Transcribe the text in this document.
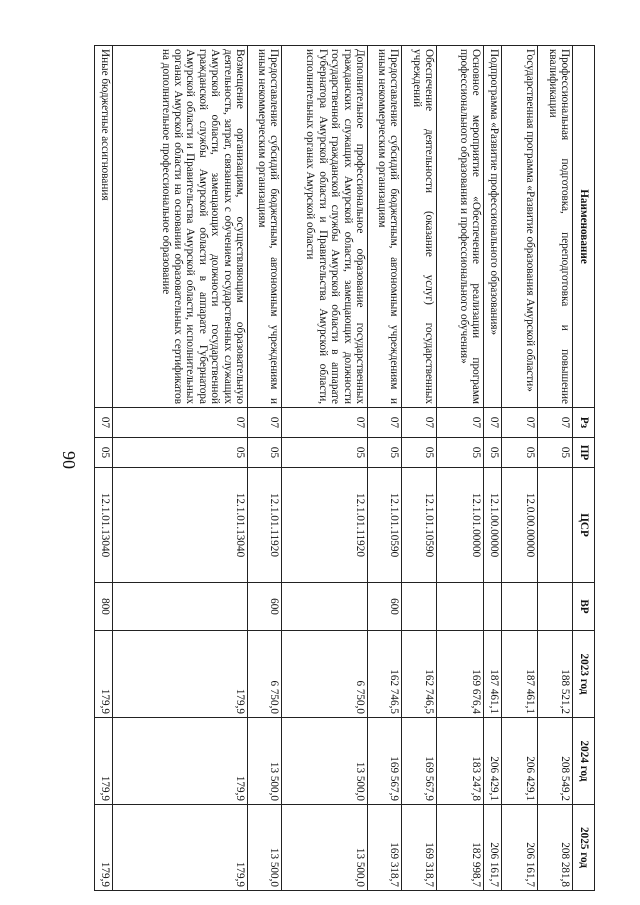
90
Наименование	Рз	ПР	ЦСР	ВР	2023 год	2024 год	2025 год
Профессиональная подготовка, переподготовка и повышение квалификации	07	05			188 521,2	208 549,2	208 281,8
Государственная программа «Развитие образования Амурской области»	07	05	12.0.00.00000		187 461,1	206 429,1	206 161,7
Подпрограмма «Развитие профессионального образования»	07	05	12.1.00.00000		187 461,1	206 429,1	206 161,7
Основное мероприятие «Обеспечение реализации программ профессионального образования и профессионального обучения»	07	05	12.1.01.00000		169 676,4	183 247,8	182 998,7
Обеспечение деятельности (оказание услуг) государственных учреждений	07	05	12.1.01.10590		162 746,5	169 567,9	169 318,7
Предоставление субсидий бюджетным, автономным учреждениям и иным некоммерческим организациям	07	05	12.1.01.10590	600	162 746,5	169 567,9	169 318,7
Дополнительное профессиональное образование государственных гражданских служащих Амурской области, замещающих должности государственной гражданской службы Амурской области в аппарате Губернатора Амурской области и Правительства Амурской области, исполнительных органах Амурской области	07	05	12.1.01.11920		6 750,0	13 500,0	13 500,0
Предоставление субсидий бюджетным, автономным учреждениям и иным некоммерческим организациям	07	05	12.1.01.11920	600	6 750,0	13 500,0	13 500,0
Возмещение организациям, осуществляющим образовательную деятельность, затрат, связанных с обучением государственных служащих Амурской области, замещающих должности государственной гражданской службы Амурской области в аппарате Губернатора Амурской области и Правительства Амурской области, исполнительных органах Амурской области на основании образовательных сертификатов на дополнительное профессиональное образование	07	05	12.1.01.13040		179,9	179,9	179,9
Иные бюджетные ассигнования	07	05	12.1.01.13040	800	179,9	179,9	179,9
